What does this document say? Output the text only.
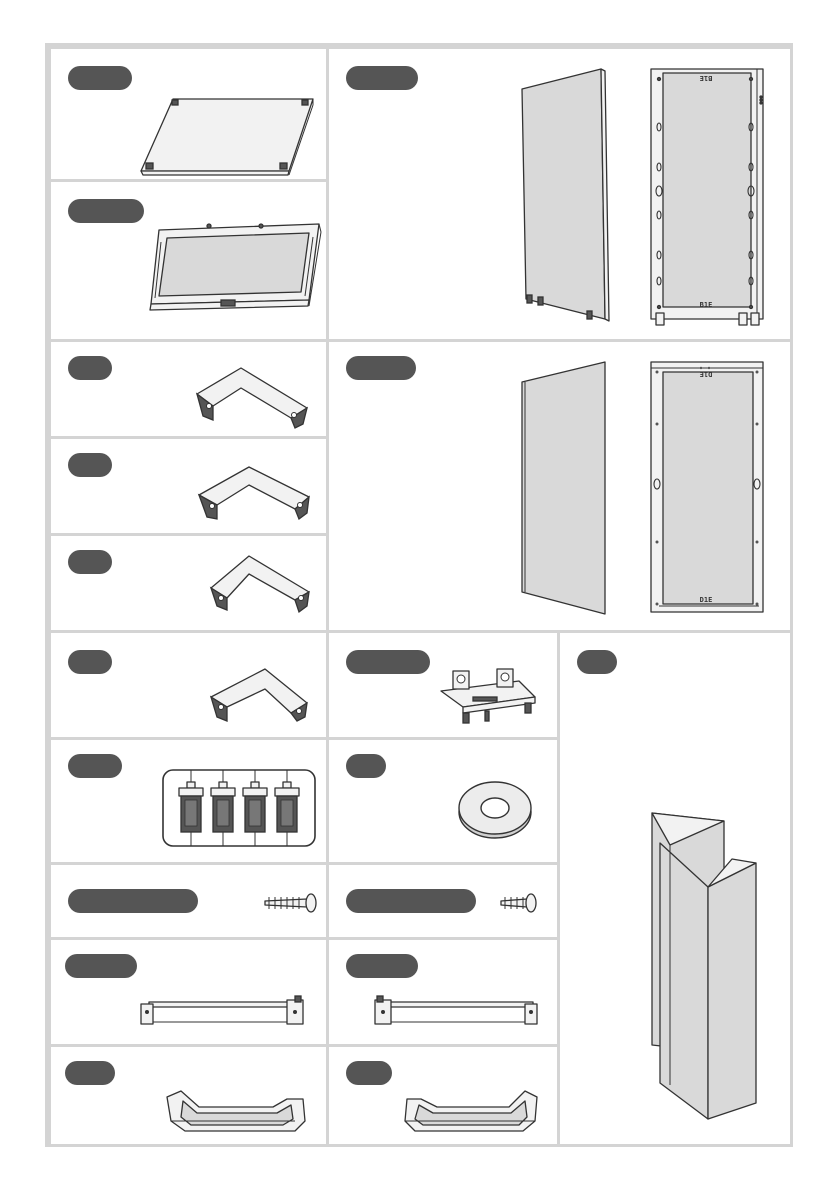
B1E
B1E
D1E
D1E
